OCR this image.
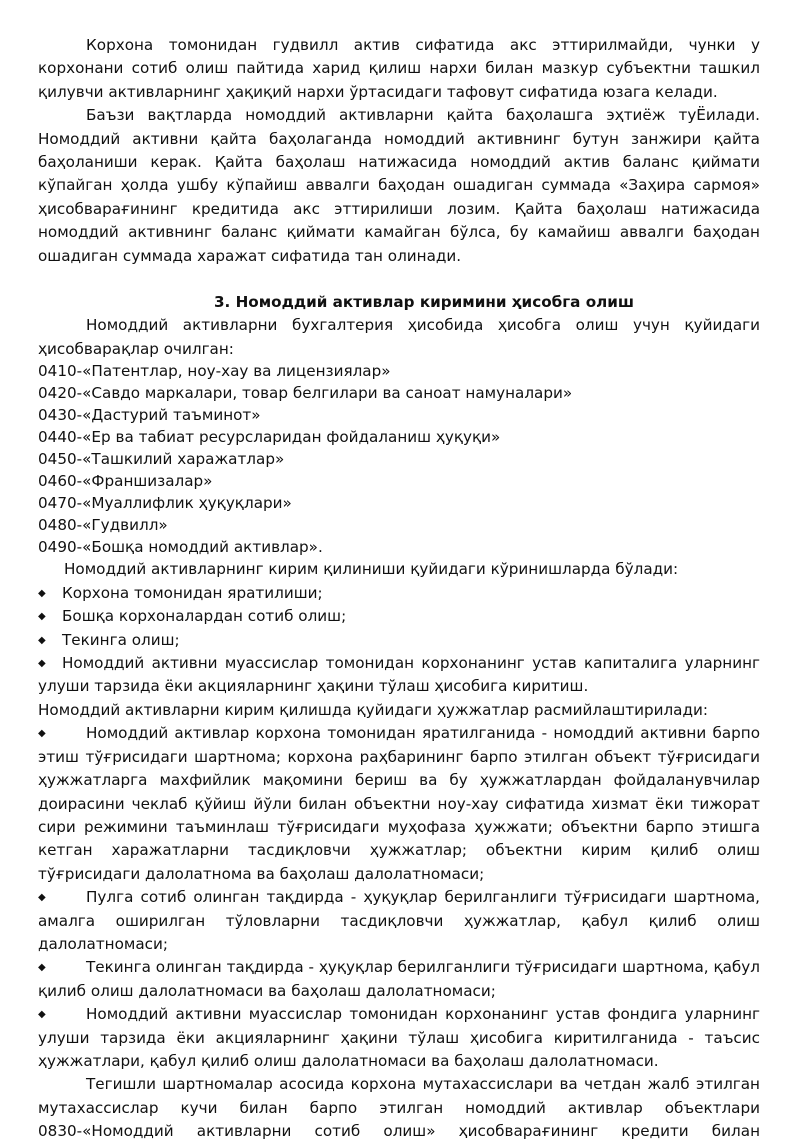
Корхона томонидан гудвилл актив сифатида акс эттирилмайди, чунки у корхонани сотиб олиш пайтида харид қилиш нархи билан мазкур субъектни ташкил қилувчи активларнинг ҳақиқий нархи ўртасидаги тафовут сифатида юзага келади.

Баъзи вақтларда номоддий активларни қайта баҳолашга эҳтиёж туЁилади. Номоддий активни қайта баҳолаганда номоддий активнинг бутун занжири қайта баҳоланиши керак. Қайта баҳолаш натижасида номоддий актив баланс қиймати кўпайган ҳолда ушбу кўпайиш аввалги баҳодан ошадиган суммада «Заҳира сармоя» ҳисобварағининг кредитида акс эттирилиши лозим. Қайта баҳолаш натижасида номоддий активнинг баланс қиймати камайган бўлса, бу камайиш аввалги баҳодан ошадиган суммада харажат сифатида тан олинади.

3. Номоддий активлар киримини ҳисобга олиш

Номоддий активларни бухгалтерия ҳисобида ҳисобга олиш учун қуйидаги ҳисобварақлар очилган:

0410-«Патентлар, ноу-хау ва лицензиялар»

0420-«Савдо маркалари, товар белгилари ва саноат намуналари»

0430-«Дастурий таъминот»

0440-«Ер ва табиат ресурсларидан фойдаланиш ҳуқуқи»

0450-«Ташкилий харажатлар»

0460-«Франшизалар»

0470-«Муаллифлик ҳуқуқлари»

0480-«Гудвилл»

0490-«Бошқа номоддий активлар».

Номоддий активларнинг кирим қилиниши қуйидаги кўринишларда бўлади:

◆ Корхона томонидан яратилиши;

◆ Бошқа корхоналардан сотиб олиш;

◆ Текинга олиш;

◆ Номоддий активни муассислар томонидан корхонанинг устав капиталига уларнинг улуши тарзида ёки акцияларнинг ҳақини тўлаш ҳисобига киритиш.

Номоддий активларни кирим қилишда қуйидаги ҳужжатлар расмийлаштирилади:

◆	Номоддий активлар корхона томонидан яратилганида - номоддий активни барпо этиш тўғрисидаги шартнома; корхона раҳбарининг барпо этилган объект тўғрисидаги ҳужжатларга махфийлик мақомини бериш ва бу ҳужжатлардан фойдаланувчилар доирасини чеклаб қўйиш йўли билан объектни ноу-хау сифатида хизмат ёки тижорат сири режимини таъминлаш тўғрисидаги муҳофаза ҳужжати; объектни барпо этишга кетган харажатларни тасдиқловчи ҳужжатлар; объектни кирим қилиб олиш тўғрисидаги далолатнома ва баҳолаш далолатномаси;

◆	Пулга сотиб олинган тақдирда - ҳуқуқлар берилганлиги тўғрисидаги шартнома, амалга оширилган тўловларни тасдиқловчи ҳужжатлар, қабул қилиб олиш далолатномаси;

◆	Текинга олинган тақдирда - ҳуқуқлар берилганлиги тўғрисидаги шартнома, қабул қилиб олиш далолатномаси ва баҳолаш далолатномаси;

◆	Номоддий активни муассислар томонидан корхонанинг устав фондига уларнинг улуши тарзида ёки акцияларнинг ҳақини тўлаш ҳисобига киритилганида - таъсис ҳужжатлари, қабул қилиб олиш далолатномаси ва баҳолаш далолатномаси.

Тегишли шартномалар асосида корхона мутахассислари ва четдан жалб этилган мутахассислар кучи билан барпо этилган номоддий активлар объектлари 0830-«Номоддий активларни сотиб олиш» ҳисобварағининг кредити билан
